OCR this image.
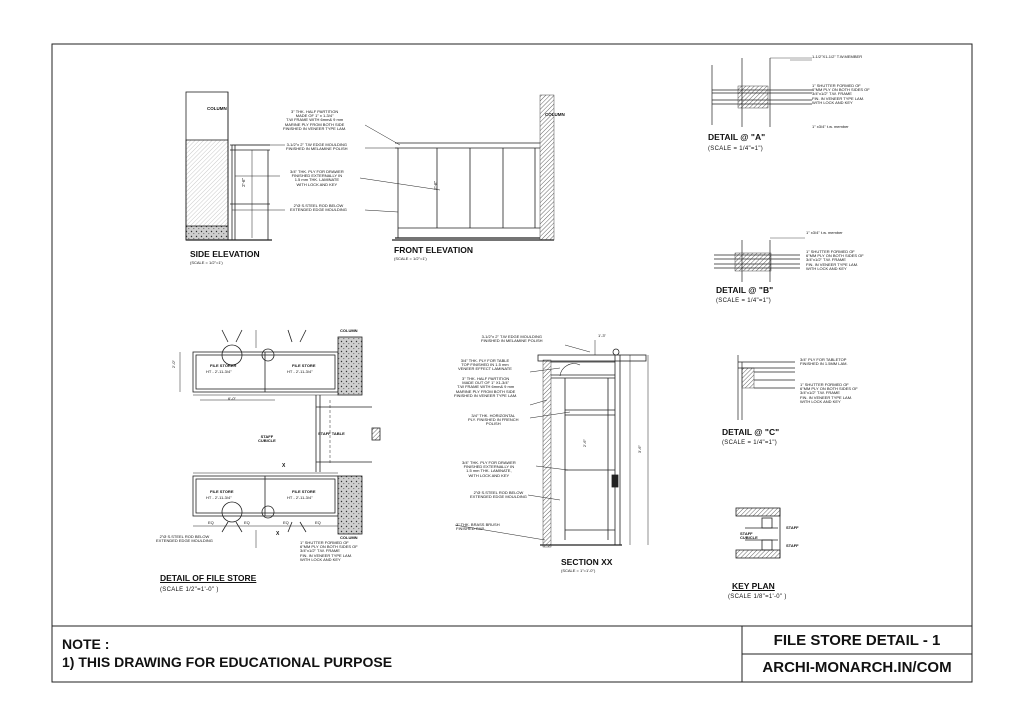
COLUMN
2'-6"
SIDE ELEVATION
(SCALE = 1/2"=1')
COLUMN
2'-6"
FRONT ELEVATION
(SCALE = 1/2"=1')
3" THK. HALF PARTITION
MADE OF 1" x 1-3/4"
T.W FRAME WITH 6mm& 9 mm
MARINE PLY FROM BOTH SIDE
FINISHED IN VENEER TYPE LAM.
3-1/2"x 2" T.W EDGE MOULDING
FINISHED IN MELAMINE POLISH
3/4" THK. PLY FOR DRAWER
FINISHED EXTERNALLY IN
1.5 mm THK. LAMINATE
WITH LOCK AND KEY
2"Ø S.STEEL ROD BELOW
EXTENDED EDGE MOULDING
1-1/2"X1-1/2" T.W.MEMBER
1" SHUTTER FORMED OF
6"MM PLY ON BOTH SIDES OF
3/4"x1/2" T.W. FRAME
FIN. IN VENEER TYPE LAM.
WITH LOCK AND KEY
1" x3/4" t.w. member
DETAIL @ "A"
(SCALE = 1/4"=1")
1" x3/4" t.w. member
1" SHUTTER FORMED OF
6"MM PLY ON BOTH SIDES OF
3/4"x1/2" T.W. FRAME
FIN. IN VENEER TYPE LAM.
WITH LOCK AND KEY
DETAIL @ "B"
(SCALE = 1/4"=1")
3/4" PLY FOR TABLETOP
FINISHED IN 1.5MM LAM.
1" SHUTTER FORMED OF
6"MM PLY ON BOTH SIDES OF
3/4"x1/2" T.W. FRAME
FIN. IN VENEER TYPE LAM.
WITH LOCK AND KEY
DETAIL @ "C"
(SCALE = 1/4"=1")
COLUMN
FILE STORER
HT - 2'-11-3/4"
FILE STORE
HT - 2'-11-3/4"
6'-0"
2'-0"
STAFF
CUBICLE
STAFF TABLE
X
FILE STORE
HT - 2'-11-3/4"
FILE STORE
HT - 2'-11-3/4"
COLUMN
EQ	EQ	EQ	EQ
X
2"Ø S.STEEL ROD BELOW
EXTENDED EDGE MOULDING	1" SHUTTER FORMED OF
6"MM PLY ON BOTH SIDES OF
3/4"x1/2" T.W. FRAME
FIN. IN VENEER TYPE LAM.
WITH LOCK AND KEY
DETAIL OF FILE STORE
(SCALE 1/2"=1'-0" )
3-1/2"x 2" T.W EDGE MOULDING
FINISHED IN MELAMINE POLISH
3/4" THK. PLY FOR TABLE
TOP FINISHED IN 1.5 mm
VENEER EFFECT LAMINATE
3" THK. HALF PARTITION
MADE OUT OF 1" X1-3/4"
T.W FRAME WITH 6mm& 9 mm
MARINE PLY FROM BOTH SIDE
FINISHED IN VENEER TYPE LAM.
3/4" THK. HORIZONTAL
PLY. FINISHED IN FRENCH
POLISH
3/4" THK. PLY FOR DRAWER
FINISHED EXTERNALLY IN
1.5 mm THK. LAMINATE,
WITH LOCK AND KEY
2"Ø S.STEEL ROD BELOW
EXTENDED EDGE MOULDING
3" THK. BRASS BRUSH
FINISHED CAP
1'-3"
3'-6"
2'-6"
SECTION XX
(SCALE = 1"=1'-0")
STAFF
STAFF
CUBICLE
STAFF
KEY PLAN
(SCALE 1/8"=1'-0" )
NOTE :
1) THIS DRAWING FOR EDUCATIONAL PURPOSE
FILE STORE DETAIL - 1
ARCHI-MONARCH.IN/COM
